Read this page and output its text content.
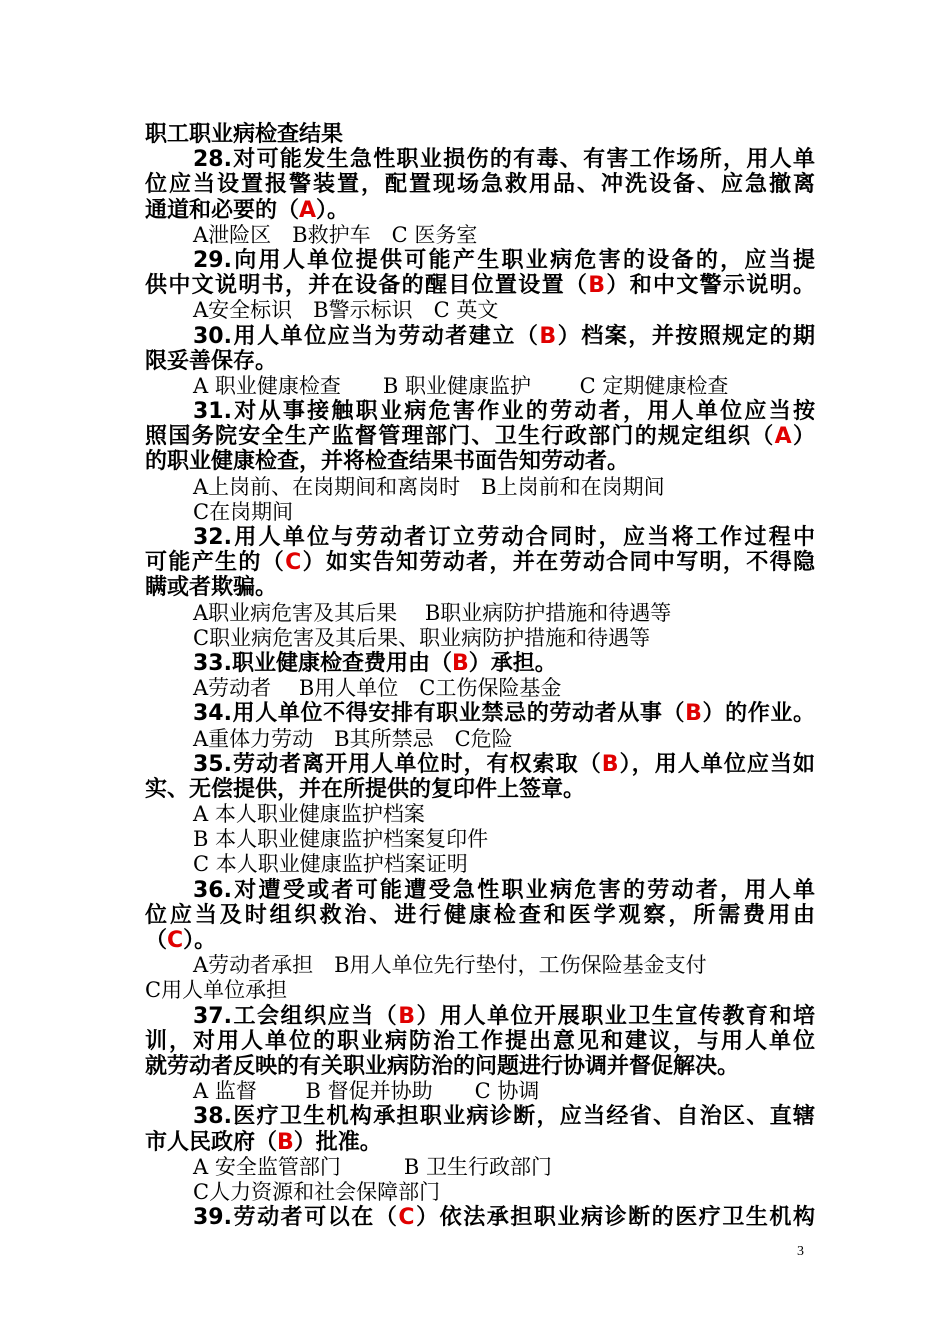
职工职业病检查结果
28.对可能发生急性职业损伤的有毒、有害工作场所，用人单
位应当设置报警装置，配置现场急救用品、冲洗设备、应急撤离
通道和必要的（A）。
A泄险区　B救护车　C 医务室
29.向用人单位提供可能产生职业病危害的设备的，应当提
供中文说明书，并在设备的醒目位置设置（B）和中文警示说明。
A安全标识　B警示标识　C 英文
30.用人单位应当为劳动者建立（B）档案，并按照规定的期
限妥善保存。
A 职业健康检查　　B 职业健康监护　　 C 定期健康检查
31.对从事接触职业病危害作业的劳动者，用人单位应当按
照国务院安全生产监督管理部门、卫生行政部门的规定组织（A）
的职业健康检查，并将检查结果书面告知劳动者。
A上岗前、在岗期间和离岗时　B上岗前和在岗期间
C在岗期间
32.用人单位与劳动者订立劳动合同时，应当将工作过程中
可能产生的（C）如实告知劳动者，并在劳动合同中写明，不得隐
瞒或者欺骗。
A职业病危害及其后果　 B职业病防护措施和待遇等
C职业病危害及其后果、职业病防护措施和待遇等
33.职业健康检查费用由（B）承担。
A劳动者　 B用人单位　C工伤保险基金
34.用人单位不得安排有职业禁忌的劳动者从事（B）的作业。
A重体力劳动　B其所禁忌　C危险
35.劳动者离开用人单位时，有权索取（B），用人单位应当如
实、无偿提供，并在所提供的复印件上签章。
A 本人职业健康监护档案
B 本人职业健康监护档案复印件
C 本人职业健康监护档案证明
36.对遭受或者可能遭受急性职业病危害的劳动者，用人单
位应当及时组织救治、进行健康检查和医学观察，所需费用由
（C）。
A劳动者承担　B用人单位先行垫付，工伤保险基金支付
C用人单位承担
37.工会组织应当（B）用人单位开展职业卫生宣传教育和培
训，对用人单位的职业病防治工作提出意见和建议，与用人单位
就劳动者反映的有关职业病防治的问题进行协调并督促解决。
A 监督　　 B 督促并协助　　C 协调
38.医疗卫生机构承担职业病诊断，应当经省、自治区、直辖
市人民政府（B）批准。
A 安全监管部门　　　B 卫生行政部门
C人力资源和社会保障部门
39.劳动者可以在（C）依法承担职业病诊断的医疗卫生机构
3
